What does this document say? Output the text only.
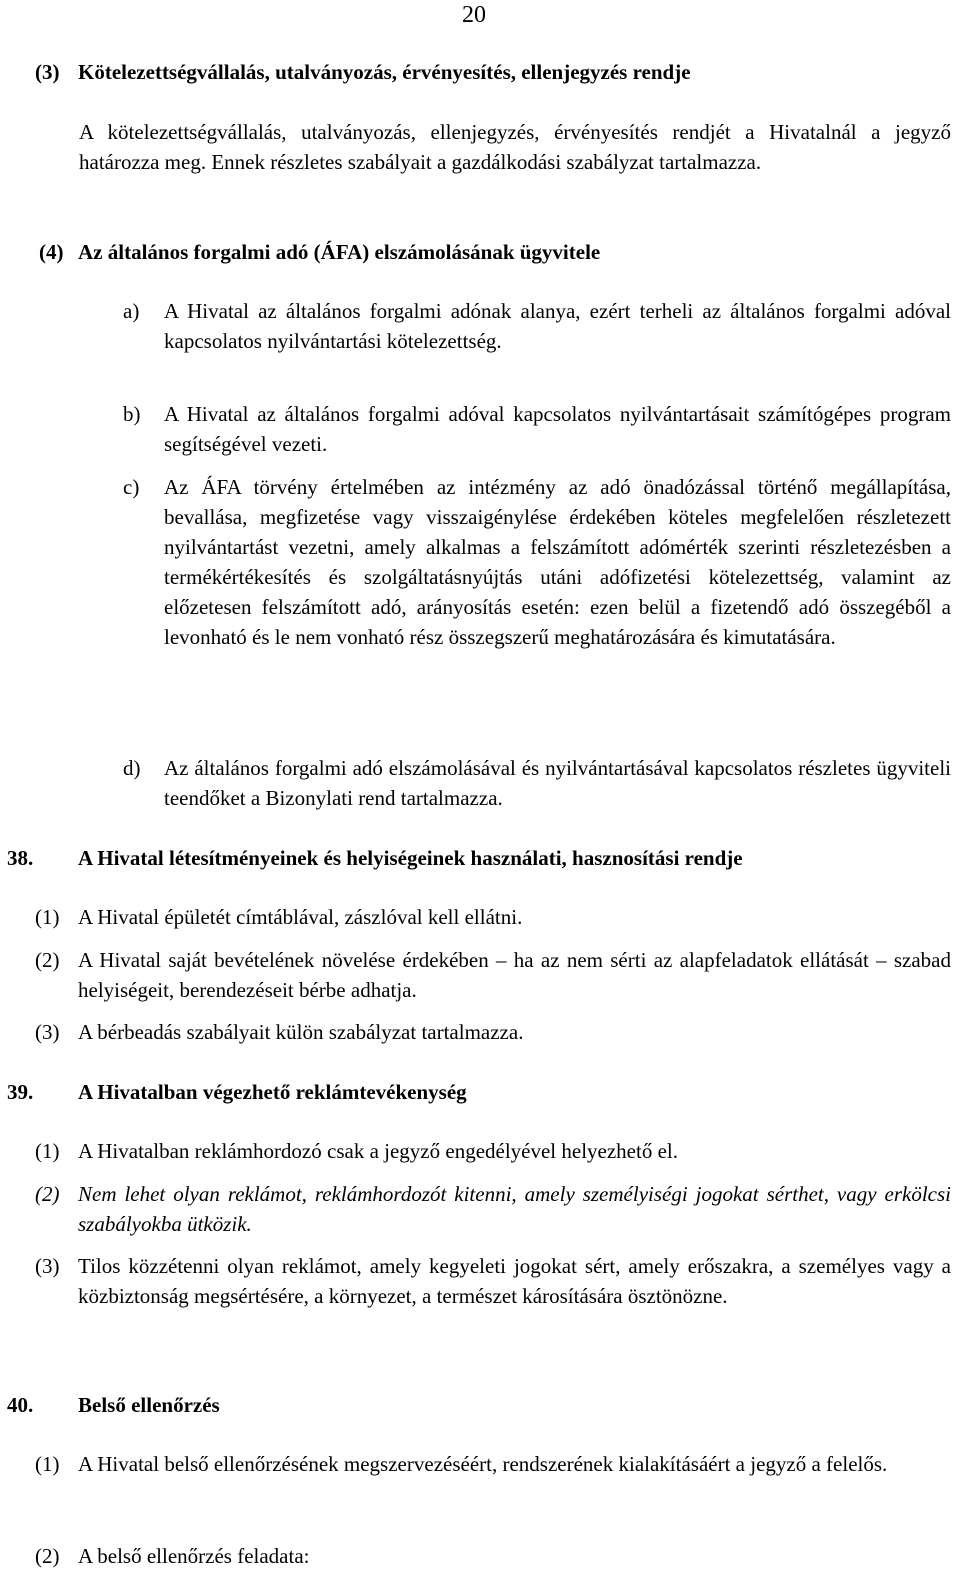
20
(3) Kötelezettségvállalás, utalványozás, érvényesítés, ellenjegyzés rendje
A kötelezettségvállalás, utalványozás, ellenjegyzés, érvényesítés rendjét a Hivatalnál a jegyző határozza meg. Ennek részletes szabályait a gazdálkodási szabályzat tartalmazza.
(4) Az általános forgalmi adó (ÁFA) elszámolásának ügyvitele
a) A Hivatal az általános forgalmi adónak alanya, ezért terheli az általános forgalmi adóval kapcsolatos nyilvántartási kötelezettség.
b) A Hivatal az általános forgalmi adóval kapcsolatos nyilvántartásait számítógépes program segítségével vezeti.
c) Az ÁFA törvény értelmében az intézmény az adó önadózással történő megállapítása, bevallása, megfizetése vagy visszaigénylése érdekében köteles megfelelően részletezett nyilvántartást vezetni, amely alkalmas a felszámított adómérték szerinti részletezésben a termékértékesítés és szolgáltatásnyújtás utáni adófizetési kötelezettség, valamint az előzetesen felszámított adó, arányosítás esetén: ezen belül a fizetendő adó összegéből a levonható és le nem vonható rész összegszerű meghatározására és kimutatására.
d) Az általános forgalmi adó elszámolásával és nyilvántartásával kapcsolatos részletes ügyviteli teendőket a Bizonylati rend tartalmazza.
38. A Hivatal létesítményeinek és helyiségeinek használati, hasznosítási rendje
(1) A Hivatal épületét címtáblával, zászlóval kell ellátni.
(2) A Hivatal saját bevételének növelése érdekében – ha az nem sérti az alapfeladatok ellátását – szabad helyiségeit, berendezéseit bérbe adhatja.
(3) A bérbeadás szabályait külön szabályzat tartalmazza.
39. A Hivatalban végezhető reklámtevékenység
(1) A Hivatalban reklámhordozó csak a jegyző engedélyével helyezhető el.
(2) Nem lehet olyan reklámot, reklámhordozót kitenni, amely személyiségi jogokat sérthet, vagy erkölcsi szabályokba ütközik.
(3) Tilos közzétenni olyan reklámot, amely kegyeleti jogokat sért, amely erőszakra, a személyes vagy a közbiztonság megsértésére, a környezet, a természet károsítására ösztönözne.
40. Belső ellenőrzés
(1) A Hivatal belső ellenőrzésének megszervezéséért, rendszerének kialakításáért a jegyző a felelős.
(2) A belső ellenőrzés feladata:
